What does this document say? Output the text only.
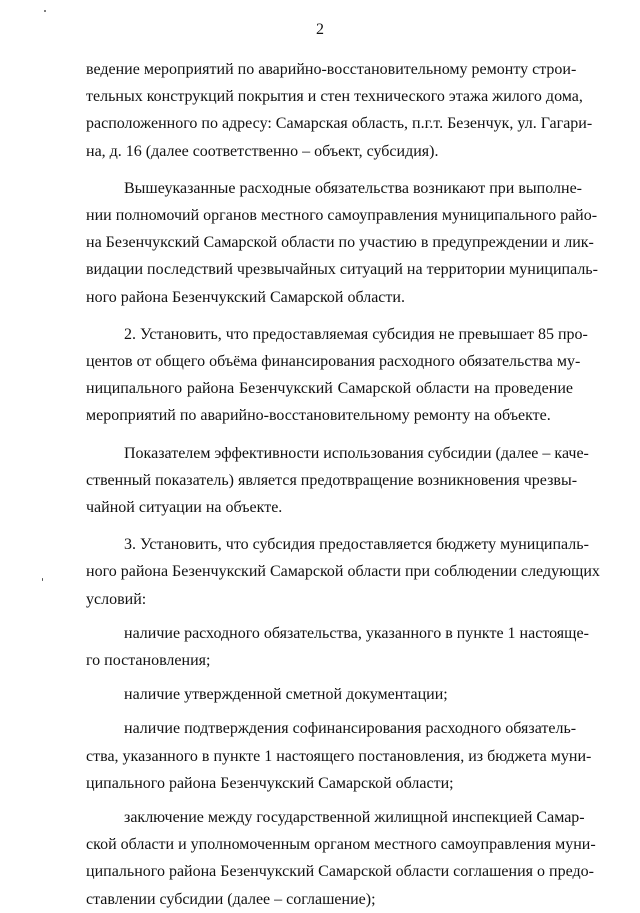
2
ведение мероприятий по аварийно-восстановительному ремонту строи-
тельных конструкций покрытия и стен технического этажа жилого дома,
расположенного по адресу: Самарская область, п.г.т. Безенчук, ул. Гагари-
на, д. 16 (далее соответственно – объект, субсидия).
Вышеуказанные расходные обязательства возникают при выполне-
нии полномочий органов местного самоуправления муниципального райо-
на Безенчукский Самарской области по участию в предупреждении и лик-
видации последствий чрезвычайных ситуаций на территории муниципаль-
ного района Безенчукский Самарской области.
2. Установить, что предоставляемая субсидия не превышает 85 про-
центов от общего объёма финансирования расходного обязательства му-
ниципального района Безенчукский Самарской области на проведение
мероприятий по аварийно-восстановительному ремонту на объекте.
Показателем эффективности использования субсидии (далее – каче-
ственный показатель) является предотвращение возникновения чрезвы-
чайной ситуации на объекте.
3. Установить, что субсидия предоставляется бюджету муниципаль-
ного района Безенчукский Самарской области при соблюдении следующих
условий:
наличие расходного обязательства, указанного в пункте 1 настояще-
го постановления;
наличие утвержденной сметной документации;
наличие подтверждения софинансирования расходного обязатель-
ства, указанного в пункте 1 настоящего постановления, из бюджета муни-
ципального района Безенчукский Самарской области;
заключение между государственной жилищной инспекцией Самар-
ской области и уполномоченным органом местного самоуправления муни-
ципального района Безенчукский Самарской области соглашения о предо-
ставлении субсидии (далее – соглашение);
